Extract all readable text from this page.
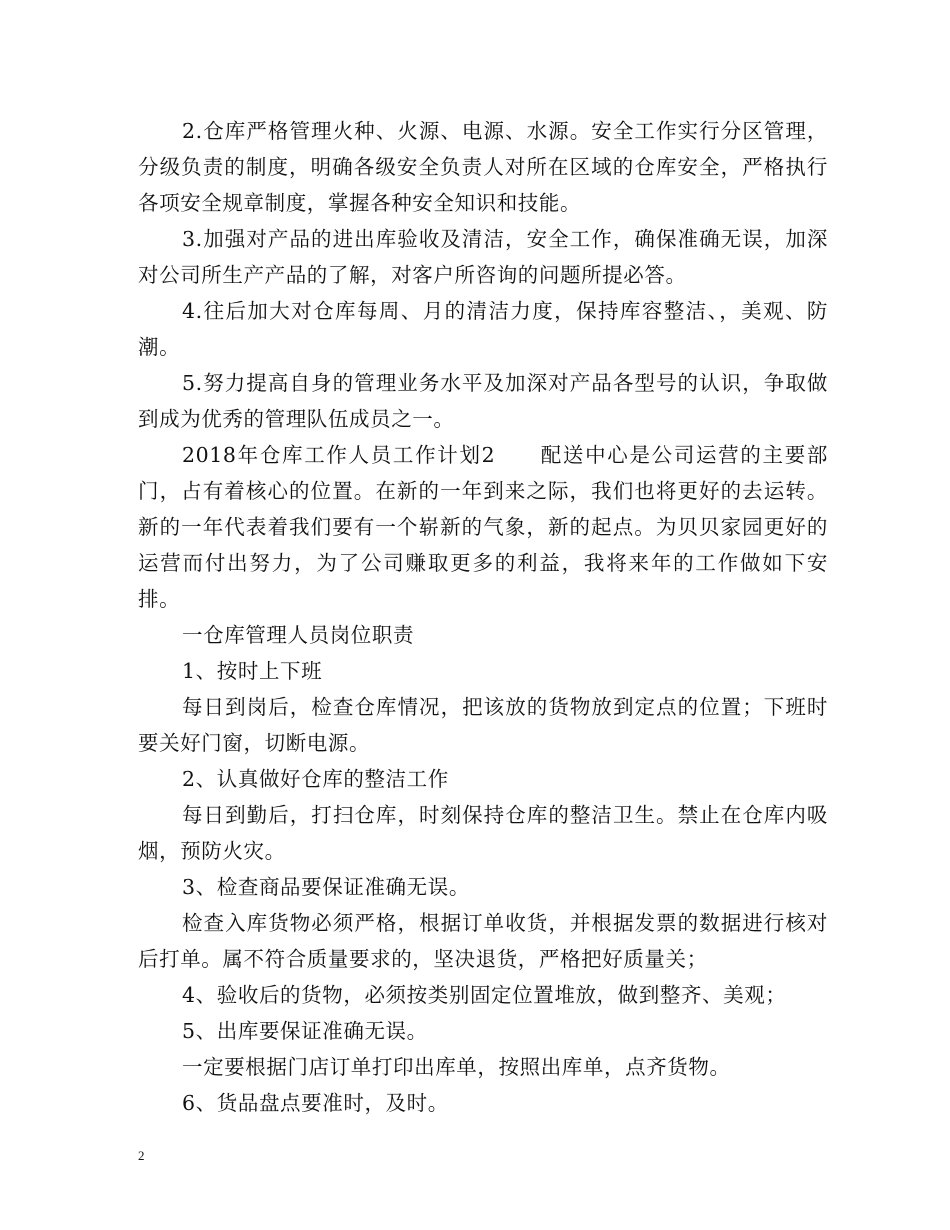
2.仓库严格管理火种、火源、电源、水源。安全工作实行分区管理，分级负责的制度，明确各级安全负责人对所在区域的仓库安全，严格执行各项安全规章制度，掌握各种安全知识和技能。

3.加强对产品的进出库验收及清洁，安全工作，确保准确无误，加深对公司所生产产品的了解，对客户所咨询的问题所提必答。

4.往后加大对仓库每周、月的清洁力度，保持库容整洁、，美观、防潮。

5.努力提高自身的管理业务水平及加深对产品各型号的认识，争取做到成为优秀的管理队伍成员之一。

2018年仓库工作人员工作计划2　　配送中心是公司运营的主要部门，占有着核心的位置。在新的一年到来之际，我们也将更好的去运转。新的一年代表着我们要有一个崭新的气象，新的起点。为贝贝家园更好的运营而付出努力，为了公司赚取更多的利益，我将来年的工作做如下安排。

一仓库管理人员岗位职责

1、按时上下班

每日到岗后，检查仓库情况，把该放的货物放到定点的位置；下班时要关好门窗，切断电源。

2、认真做好仓库的整洁工作

每日到勤后，打扫仓库，时刻保持仓库的整洁卫生。禁止在仓库内吸烟，预防火灾。

3、检查商品要保证准确无误。

检查入库货物必须严格，根据订单收货，并根据发票的数据进行核对后打单。属不符合质量要求的，坚决退货，严格把好质量关；

4、验收后的货物，必须按类别固定位置堆放，做到整齐、美观；

5、出库要保证准确无误。

一定要根据门店订单打印出库单，按照出库单，点齐货物。

6、货品盘点要准时，及时。

2
